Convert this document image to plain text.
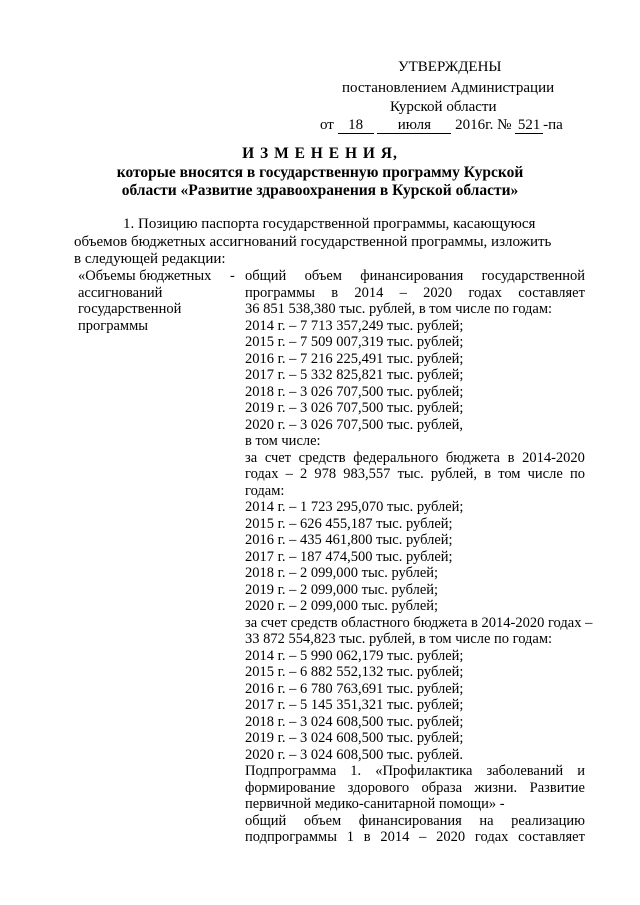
УТВЕРЖДЕНЫ
постановлением Администрации
Курской области
от 18 июля 2016г. № 521 -па
И З М Е Н Е Н И Я,
которые вносятся в государственную программу Курской
области «Развитие здравоохранения в Курской области»
1. Позицию паспорта государственной программы, касающуюся
объемов бюджетных ассигнований государственной программы, изложить
в следующей редакции:
«Объемы бюджетных
ассигнований
государственной
программы
- общий объем финансирования государственной
программы в 2014 – 2020 годах составляет
36 851 538,380 тыс. рублей, в том числе по годам:
2014 г. – 7 713 357,249 тыс. рублей;
2015 г. – 7 509 007,319 тыс. рублей;
2016 г. – 7 216 225,491 тыс. рублей;
2017 г. – 5 332 825,821 тыс. рублей;
2018 г. – 3 026 707,500 тыс. рублей;
2019 г. – 3 026 707,500 тыс. рублей;
2020 г. – 3 026 707,500 тыс. рублей,
в том числе:
за счет средств федерального бюджета в 2014-2020
годах – 2 978 983,557 тыс. рублей, в том числе по
годам:
2014 г. – 1 723 295,070 тыс. рублей;
2015 г. – 626 455,187 тыс. рублей;
2016 г. – 435 461,800 тыс. рублей;
2017 г. – 187 474,500 тыс. рублей;
2018 г. – 2 099,000 тыс. рублей;
2019 г. – 2 099,000 тыс. рублей;
2020 г. – 2 099,000 тыс. рублей;
за счет средств областного бюджета в 2014-2020 годах –
33 872 554,823 тыс. рублей, в том числе по годам:
2014 г. – 5 990 062,179 тыс. рублей;
2015 г. – 6 882 552,132 тыс. рублей;
2016 г. – 6 780 763,691 тыс. рублей;
2017 г. – 5 145 351,321 тыс. рублей;
2018 г. – 3 024 608,500 тыс. рублей;
2019 г. – 3 024 608,500 тыс. рублей;
2020 г. – 3 024 608,500 тыс. рублей.
Подпрограмма 1. «Профилактика заболеваний и
формирование здорового образа жизни. Развитие
первичной медико-санитарной помощи» -
общий объем финансирования на реализацию
подпрограммы 1 в 2014 – 2020 годах составляет
